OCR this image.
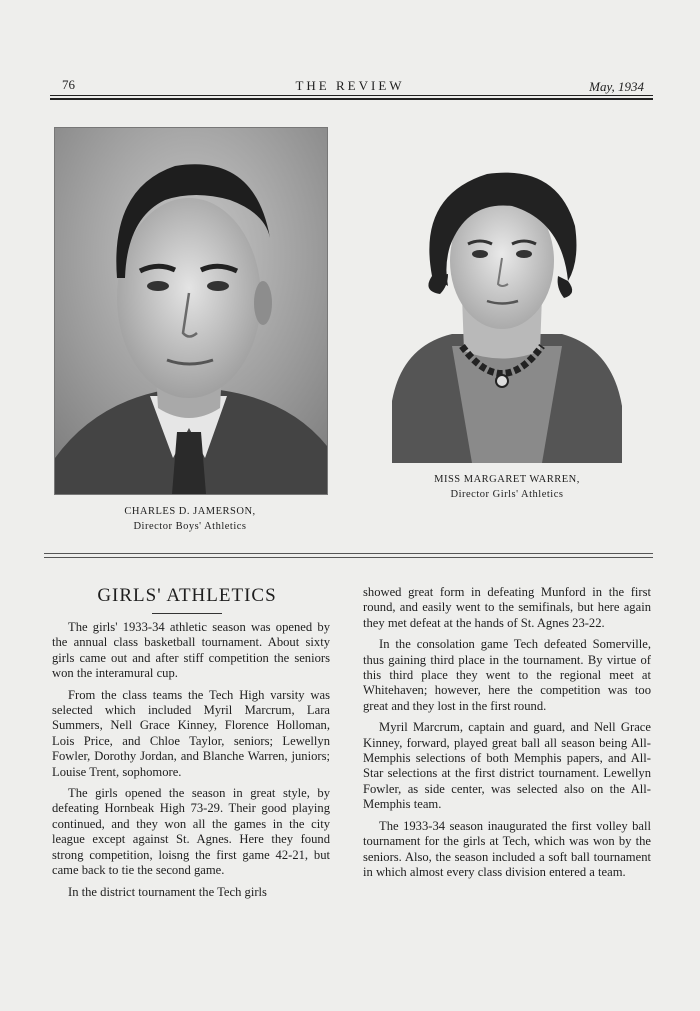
76	THE REVIEW	May, 1934
CHARLES D. JAMERSON,
Director Boys' Athletics
MISS MARGARET WARREN,
Director Girls' Athletics
GIRLS' ATHLETICS

The girls' 1933-34 athletic season was opened by the annual class basketball tournament. About sixty girls came out and after stiff competition the seniors won the interamural cup.

From the class teams the Tech High varsity was selected which included Myril Marcrum, Lara Summers, Nell Grace Kinney, Florence Holloman, Lois Price, and Chloe Taylor, seniors; Lewellyn Fowler, Dorothy Jordan, and Blanche Warren, juniors; Louise Trent, sophomore.

The girls opened the season in great style, by defeating Hornbeak High 73-29. Their good playing continued, and they won all the games in the city league except against St. Agnes. Here they found strong competition, loisng the first game 42-21, but came back to tie the second game.

In the district tournament the Tech girls

showed great form in defeating Munford in the first round, and easily went to the semifinals, but here again they met defeat at the hands of St. Agnes 23-22.

In the consolation game Tech defeated Somerville, thus gaining third place in the tournament. By virtue of this third place they went to the regional meet at Whitehaven; however, here the competition was too great and they lost in the first round.

Myril Marcrum, captain and guard, and Nell Grace Kinney, forward, played great ball all season being All-Memphis selections of both Memphis papers, and All-Star selections at the first district tournament. Lewellyn Fowler, as side center, was selected also on the All-Memphis team.

The 1933-34 season inaugurated the first volley ball tournament for the girls at Tech, which was won by the seniors. Also, the season included a soft ball tournament in which almost every class division entered a team.
